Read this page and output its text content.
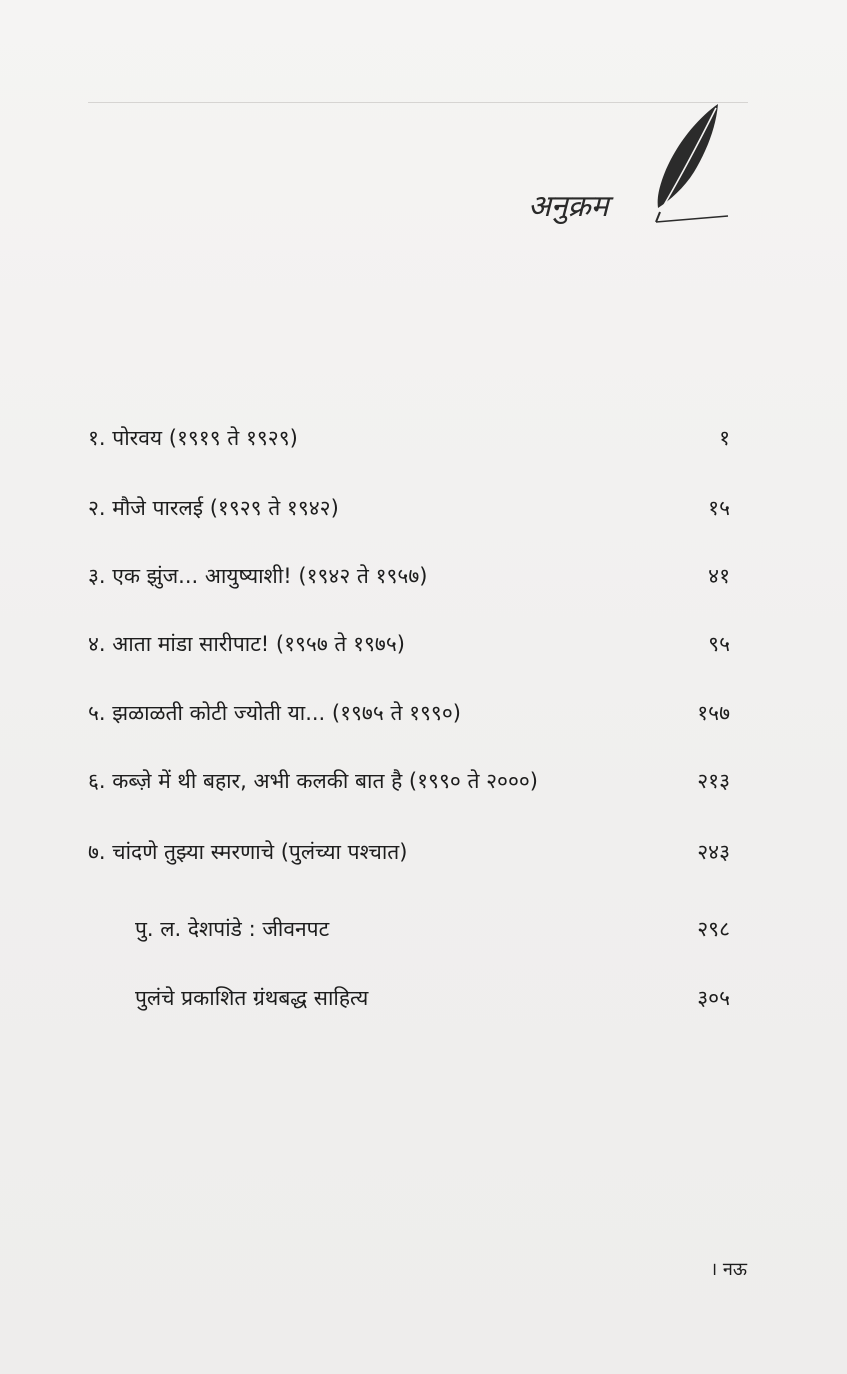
अनुक्रम
१. पोरवय (१९१९ ते १९२९)	१
२. मौजे पारलई (१९२९ ते १९४२)	१५
३. एक झुंज... आयुष्याशी! (१९४२ ते १९५७)	४१
४. आता मांडा सारीपाट! (१९५७ ते १९७५)	९५
५. झळाळती कोटी ज्योती या... (१९७५ ते १९९०)	१५७
६. कब्ज़े में थी बहार, अभी कलकी बात है (१९९० ते २०००)	२१३
७. चांदणे तुझ्या स्मरणाचे (पुलंच्या पश्चात)	२४३
पु. ल. देशपांडे : जीवनपट	२९८
पुलंचे प्रकाशित ग्रंथबद्ध साहित्य	३०५
। नऊ
